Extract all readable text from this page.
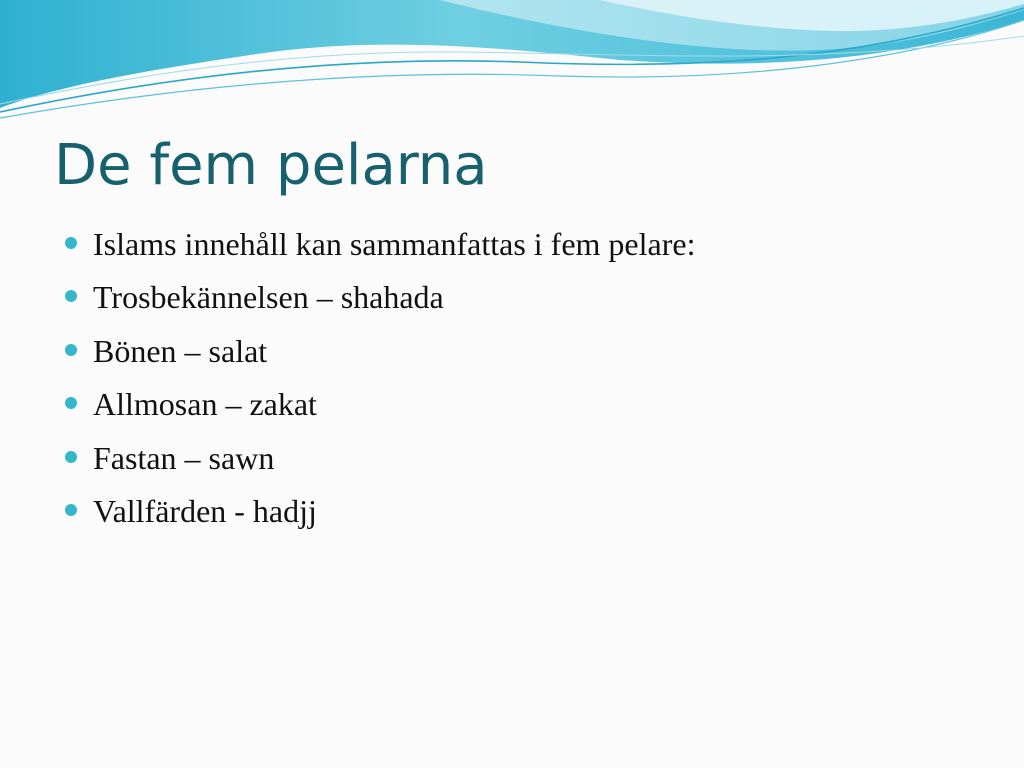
De fem pelarna
Islams innehåll kan sammanfattas i fem pelare:
Trosbekännelsen – shahada
Bönen – salat
Allmosan – zakat
Fastan – sawn
Vallfärden - hadjj
